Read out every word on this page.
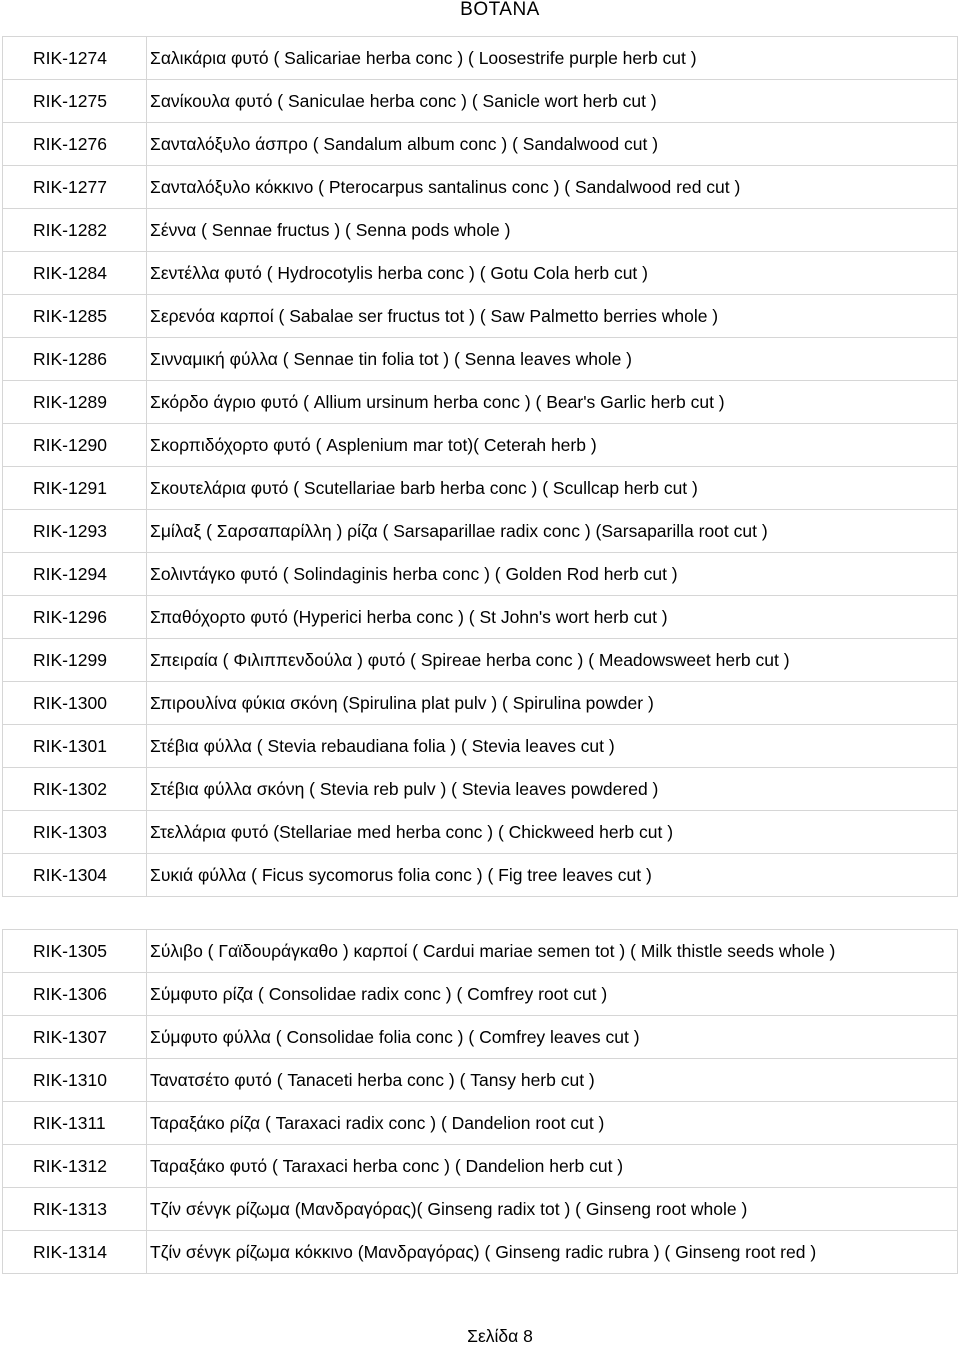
BOTANA
RIK-1274	Σαλικάρια φυτό ( Salicariae herba conc ) ( Loosestrife purple herb cut )
RIK-1275	Σανίκουλα φυτό ( Saniculae herba conc ) ( Sanicle wort herb cut )
RIK-1276	Σανταλόξυλο άσπρο ( Sandalum album conc ) ( Sandalwood cut )
RIK-1277	Σανταλόξυλο κόκκινο ( Pterocarpus santalinus conc ) ( Sandalwood red cut )
RIK-1282	Σέννα ( Sennae fructus ) ( Senna pods whole )
RIK-1284	Σεντέλλα φυτό ( Hydrocotylis herba conc ) ( Gotu Cola herb cut )
RIK-1285	Σερενόα καρποί ( Sabalae ser fructus tot ) ( Saw Palmetto berries whole )
RIK-1286	Σινναμική φύλλα ( Sennae tin folia tot ) ( Senna leaves whole )
RIK-1289	Σκόρδο άγριο φυτό ( Allium ursinum herba conc ) ( Bear's Garlic herb cut )
RIK-1290	Σκορπιδόχορτο φυτό ( Asplenium mar tot)( Ceterah herb )
RIK-1291	Σκουτελάρια φυτό ( Scutellariae barb herba conc ) ( Scullcap herb cut )
RIK-1293	Σμίλαξ ( Σαρσαπαρίλλη ) ρίζα ( Sarsaparillae radix conc ) (Sarsaparilla root cut )
RIK-1294	Σολιντάγκο φυτό ( Solindaginis herba conc ) ( Golden Rod herb cut )
RIK-1296	Σπαθόχορτο φυτό (Hyperici herba conc ) ( St John's wort herb cut )
RIK-1299	Σπειραία ( Φιλιππενδούλα ) φυτό ( Spireae herba conc ) ( Meadowsweet herb cut )
RIK-1300	Σπιρουλίνα φύκια σκόνη (Spirulina plat pulv ) ( Spirulina powder )
RIK-1301	Στέβια φύλλα ( Stevia rebaudiana folia ) ( Stevia leaves cut )
RIK-1302	Στέβια φύλλα σκόνη ( Stevia reb pulv ) ( Stevia leaves powdered )
RIK-1303	Στελλάρια φυτό (Stellariae med herba conc ) ( Chickweed herb cut )
RIK-1304	Συκιά φύλλα ( Ficus sycomorus folia conc ) ( Fig tree leaves cut )
RIK-1305	Σύλιβο ( Γαϊδουράγκαθο ) καρποί ( Cardui mariae semen tot ) ( Milk thistle seeds whole )
RIK-1306	Σύμφυτο ρίζα ( Consolidae radix conc ) ( Comfrey root cut )
RIK-1307	Σύμφυτο φύλλα ( Consolidae folia conc ) ( Comfrey leaves cut )
RIK-1310	Τανατσέτο φυτό ( Tanaceti herba conc ) ( Tansy herb cut )
RIK-1311	Ταραξάκο ρίζα ( Taraxaci radix conc ) ( Dandelion root cut )
RIK-1312	Ταραξάκο φυτό ( Taraxaci herba conc ) ( Dandelion herb cut )
RIK-1313	Τζίν σένγκ ρίζωμα (Μανδραγόρας)( Ginseng radix tot ) ( Ginseng root whole )
RIK-1314	Τζίν σένγκ ρίζωμα κόκκινο (Μανδραγόρας) ( Ginseng radic rubra ) ( Ginseng root red )
Σελίδα 8
